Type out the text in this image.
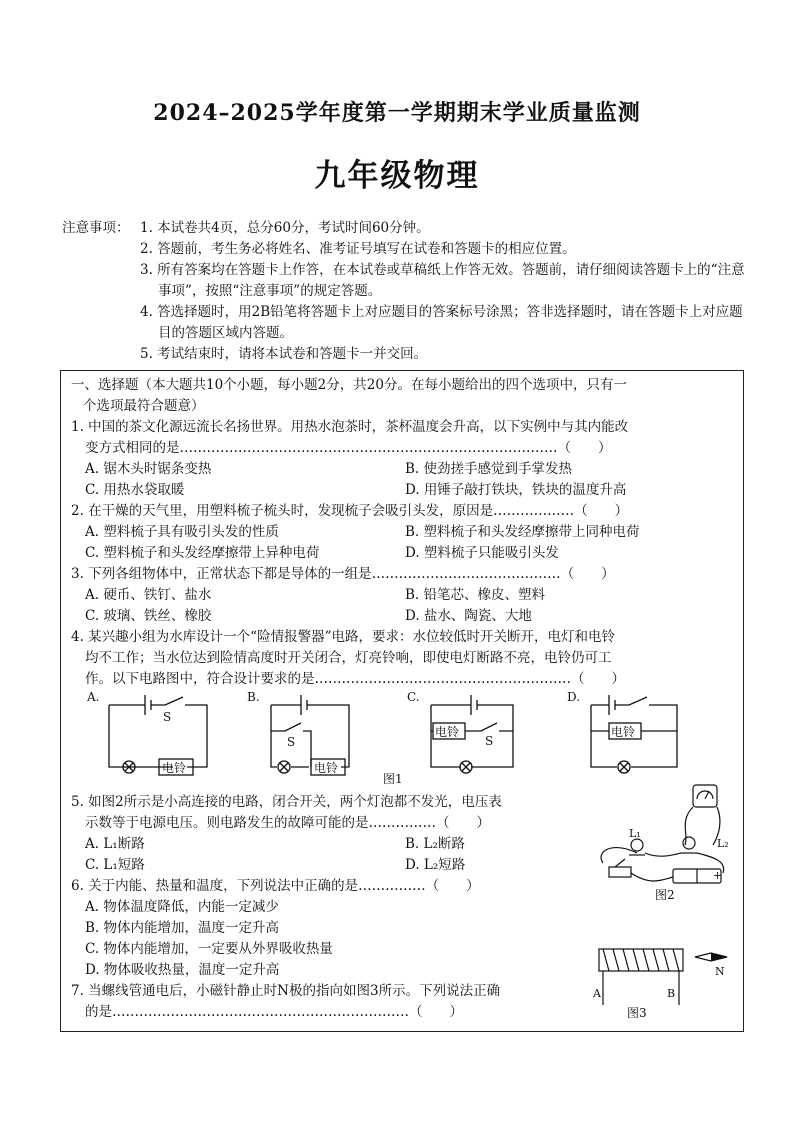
2024–2025学年度第一学期期末学业质量监测
九年级物理
注意事项： 1. 本试卷共4页，总分60分，考试时间60分钟。
2. 答题前，考生务必将姓名、准考证号填写在试卷和答题卡的相应位置。
3. 所有答案均在答题卡上作答，在本试卷或草稿纸上作答无效。答题前，请仔细阅读答题卡上的“注意事项”，按照“注意事项”的规定答题。
4. 答选择题时，用2B铅笔将答题卡上对应题目的答案标号涂黑；答非选择题时，请在答题卡上对应题目的答题区域内答题。
5. 考试结束时，请将本试卷和答题卡一并交回。
一、选择题（本大题共10个小题，每小题2分，共20分。在每小题给出的四个选项中，只有一
个选项最符合题意）
1. 中国的茶文化源远流长名扬世界。用热水泡茶时，茶杯温度会升高，以下实例中与其内能改
变方式相同的是…………………………………………………………………………（　　）
A. 锯木头时锯条变热	B. 使劲搓手感觉到手掌发热
C. 用热水袋取暖	D. 用锤子敲打铁块，铁块的温度升高
2. 在干燥的天气里，用塑料梳子梳头时，发现梳子会吸引头发，原因是………………（　　）
A. 塑料梳子具有吸引头发的性质	B. 塑料梳子和头发经摩擦带上同种电荷
C. 塑料梳子和头发经摩擦带上异种电荷	D. 塑料梳子只能吸引头发
3. 下列各组物体中，正常状态下都是导体的一组是……………………………………（　　）
A. 硬币、铁钉、盐水	B. 铅笔芯、橡皮、塑料
C. 玻璃、铁丝、橡胶	D. 盐水、陶瓷、大地
4. 某兴趣小组为水库设计一个“险情报警器”电路，要求：水位较低时开关断开，电灯和电铃
均不工作；当水位达到险情高度时开关闭合，灯亮铃响，即使电灯断路不亮，电铃仍可工
作。以下电路图中，符合设计要求的是…………………………………………………（　　）
A.
S
电铃
B.
S
电铃
C.
S
电铃
D.
电铃
图1
5. 如图2所示是小高连接的电路，闭合开关，两个灯泡都不发光，电压表
示数等于电源电压。则电路发生的故障可能的是……………（　　）
A. L₁断路	B. L₂断路
C. L₁短路	D. L₂短路
L₁
L₂
+
图2
6. 关于内能、热量和温度，下列说法中正确的是……………（　　）
A. 物体温度降低，内能一定减少
B. 物体内能增加，温度一定升高
C. 物体内能增加，一定要从外界吸收热量
D. 物体吸收热量，温度一定升高
7. 当螺线管通电后，小磁针静止时N极的指向如图3所示。下列说法正确
的是…………………………………………………………（　　）
N
A	B
图3
